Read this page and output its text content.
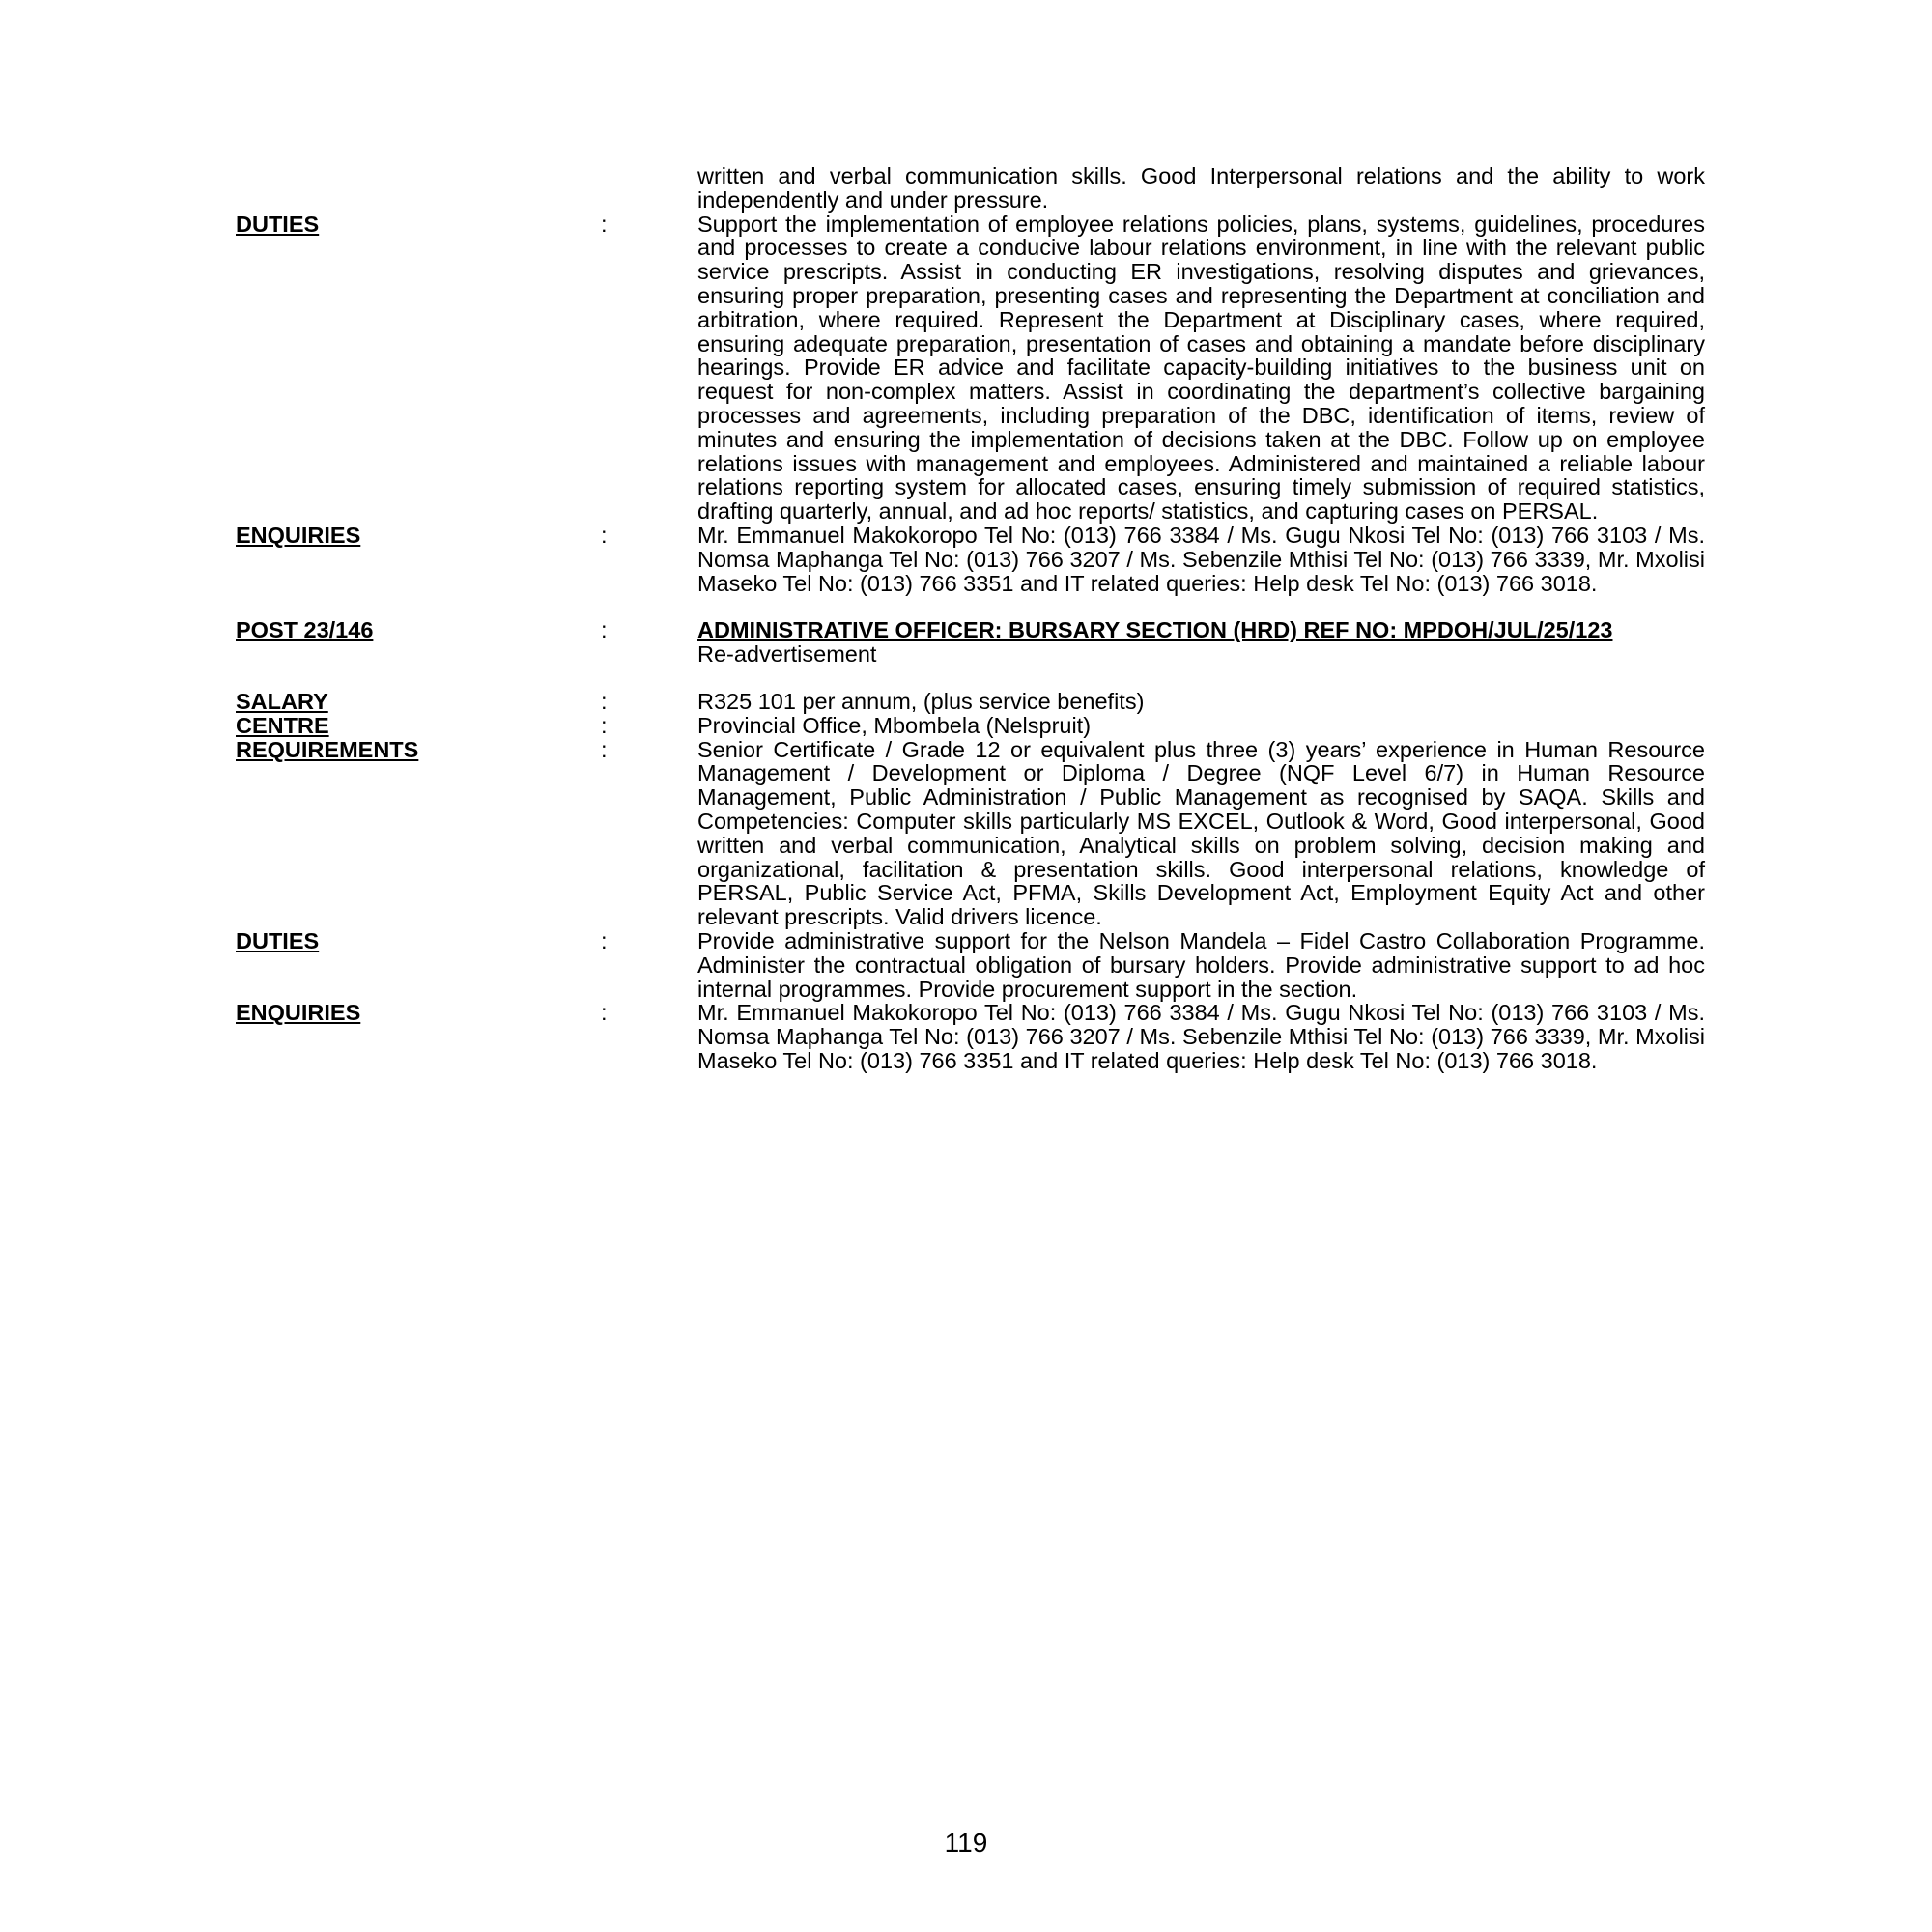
written and verbal communication skills. Good Interpersonal relations and the ability to work independently and under pressure.
DUTIES	:	Support the implementation of employee relations policies, plans, systems, guidelines, procedures and processes to create a conducive labour relations environment, in line with the relevant public service prescripts. Assist in conducting ER investigations, resolving disputes and grievances, ensuring proper preparation, presenting cases and representing the Department at conciliation and arbitration, where required. Represent the Department at Disciplinary cases, where required, ensuring adequate preparation, presentation of cases and obtaining a mandate before disciplinary hearings. Provide ER advice and facilitate capacity-building initiatives to the business unit on request for non-complex matters. Assist in coordinating the department’s collective bargaining processes and agreements, including preparation of the DBC, identification of items, review of minutes and ensuring the implementation of decisions taken at the DBC. Follow up on employee relations issues with management and employees. Administered and maintained a reliable labour relations reporting system for allocated cases, ensuring timely submission of required statistics, drafting quarterly, annual, and ad hoc reports/ statistics, and capturing cases on PERSAL.
ENQUIRIES	:	Mr. Emmanuel Makokoropo Tel No: (013) 766 3384 / Ms. Gugu Nkosi Tel No: (013) 766 3103 / Ms. Nomsa Maphanga Tel No: (013) 766 3207 / Ms. Sebenzile Mthisi Tel No: (013) 766 3339, Mr. Mxolisi Maseko Tel No: (013) 766 3351 and IT related queries: Help desk Tel No: (013) 766 3018.
POST 23/146	:	ADMINISTRATIVE OFFICER: BURSARY SECTION (HRD) REF NO: MPDOH/JUL/25/123
Re-advertisement
SALARY	:	R325 101 per annum, (plus service benefits)
CENTRE	:	Provincial Office, Mbombela (Nelspruit)
REQUIREMENTS	:	Senior Certificate / Grade 12 or equivalent plus three (3) years’ experience in Human Resource Management / Development or Diploma / Degree (NQF Level 6/7) in Human Resource Management, Public Administration / Public Management as recognised by SAQA. Skills and Competencies: Computer skills particularly MS EXCEL, Outlook & Word, Good interpersonal, Good written and verbal communication, Analytical skills on problem solving, decision making and organizational, facilitation & presentation skills. Good interpersonal relations, knowledge of PERSAL, Public Service Act, PFMA, Skills Development Act, Employment Equity Act and other relevant prescripts. Valid drivers licence.
DUTIES	:	Provide administrative support for the Nelson Mandela – Fidel Castro Collaboration Programme. Administer the contractual obligation of bursary holders. Provide administrative support to ad hoc internal programmes. Provide procurement support in the section.
ENQUIRIES	:	Mr. Emmanuel Makokoropo Tel No: (013) 766 3384 / Ms. Gugu Nkosi Tel No: (013) 766 3103 / Ms. Nomsa Maphanga Tel No: (013) 766 3207 / Ms. Sebenzile Mthisi Tel No: (013) 766 3339, Mr. Mxolisi Maseko Tel No: (013) 766 3351 and IT related queries: Help desk Tel No: (013) 766 3018.
119
